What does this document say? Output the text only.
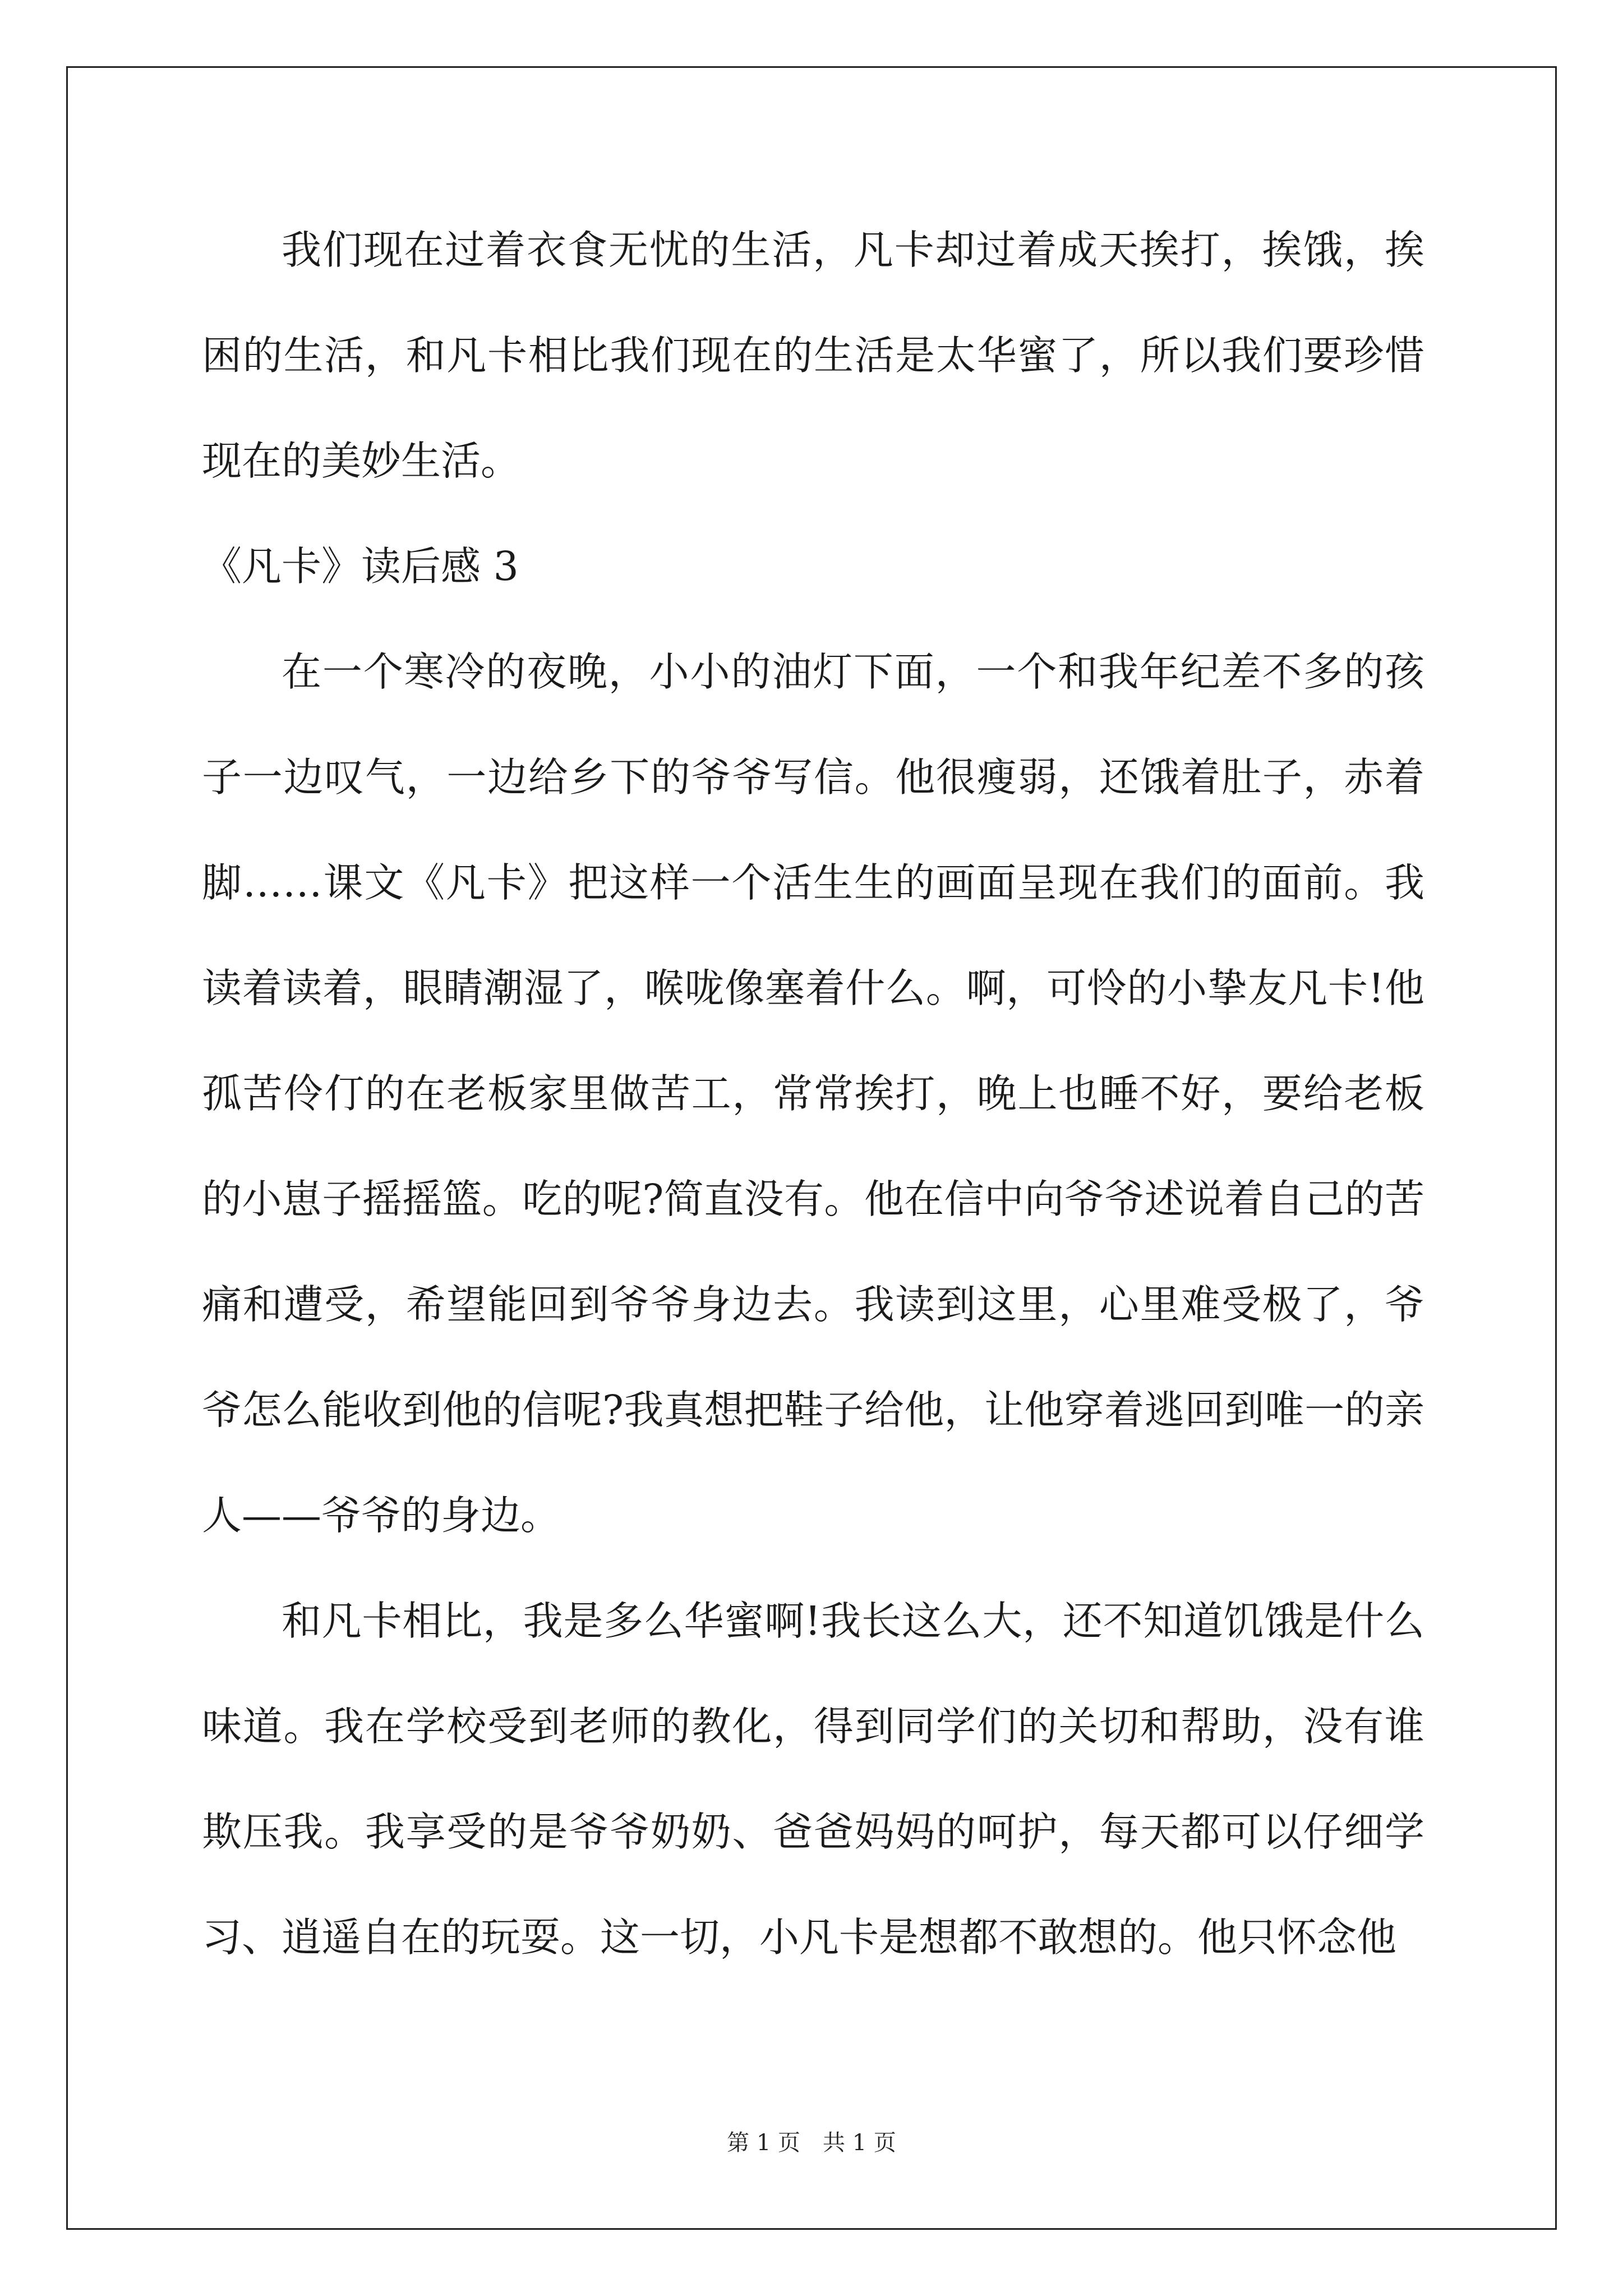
我们现在过着衣食无忧的生活，凡卡却过着成天挨打，挨饿，挨困的生活，和凡卡相比我们现在的生活是太华蜜了，所以我们要珍惜现在的美妙生活。

《凡卡》读后感 3

在一个寒冷的夜晚，小小的油灯下面，一个和我年纪差不多的孩子一边叹气，一边给乡下的爷爷写信。他很瘦弱，还饿着肚子，赤着脚……课文《凡卡》把这样一个活生生的画面呈现在我们的面前。我读着读着，眼睛潮湿了，喉咙像塞着什么。啊，可怜的小挚友凡卡!他孤苦伶仃的在老板家里做苦工，常常挨打，晚上也睡不好，要给老板的小崽子摇摇篮。吃的呢?简直没有。他在信中向爷爷述说着自己的苦痛和遭受，希望能回到爷爷身边去。我读到这里，心里难受极了，爷爷怎么能收到他的信呢?我真想把鞋子给他，让他穿着逃回到唯一的亲人——爷爷的身边。

和凡卡相比，我是多么华蜜啊!我长这么大，还不知道饥饿是什么味道。我在学校受到老师的教化，得到同学们的关切和帮助，没有谁欺压我。我享受的是爷爷奶奶、爸爸妈妈的呵护，每天都可以仔细学习、逍遥自在的玩耍。这一切，小凡卡是想都不敢想的。他只怀念他

第 1 页 共 1 页
